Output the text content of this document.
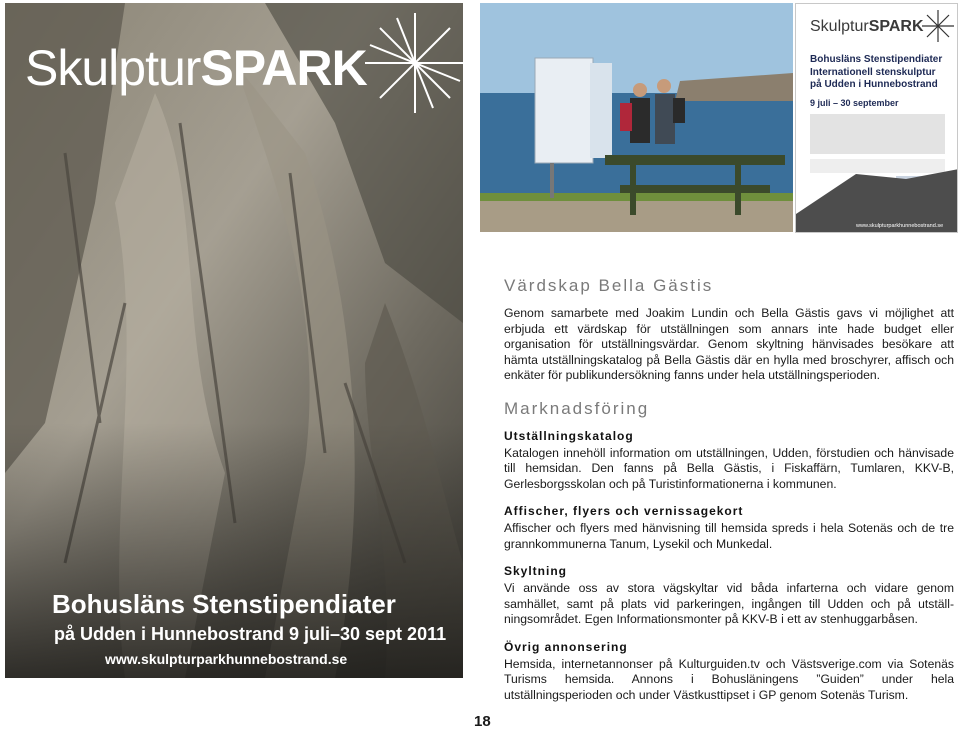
SkulpturSPARK
Bohusläns Stenstipendiater
på Udden i Hunnebostrand 9 juli–30 sept 2011
www.skulpturparkhunnebostrand.se
SkulpturSPARK
Bohusläns Stenstipendiater Internationell stenskulptur på Udden i Hunnebostrand
9 juli – 30 september
www.skulpturparkhunnebostrand.se
Värdskap Bella Gästis

Genom samarbete med Joakim Lundin och Bella Gästis gavs vi möjlighet att erbjuda ett värdskap för utställningen som annars inte hade budget eller organisation för utställningsvärdar. Genom skyltning hänvisades besökare att hämta utställningskatalog på Bella Gästis där en hylla med broschyrer, affisch och enkäter för publikundersökning fanns under hela utställningsperioden.

Marknadsföring
Utställningskatalog

Katalogen innehöll information om utställningen, Udden, förstudien och hänvisade till hemsidan. Den fanns på Bella Gästis, i Fiskaffärn, Tumlaren, KKV-B, Gerlesborgsskolan och på Turistinformationerna i kommunen.

Affischer, flyers och vernissagekort

Affischer och flyers med hänvisning till hemsida spreds i hela Sotenäs och de tre grannkommunerna Tanum, Lysekil och Munkedal.

Skyltning

Vi använde oss av stora vägskyltar vid båda infarterna och vidare genom samhället, samt på plats vid parkeringen, ingången till Udden och på utställ-ningsområdet. Egen Informationsmonter på KKV-B i ett av stenhuggarbåsen.

Övrig annonsering

Hemsida, internetannonser på Kulturguiden.tv och Västsverige.com via Sotenäs Turisms hemsida. Annons i Bohusläningens ”Guiden” under hela utställningsperioden och under Västkusttipset i GP genom Sotenäs Turism.

18
